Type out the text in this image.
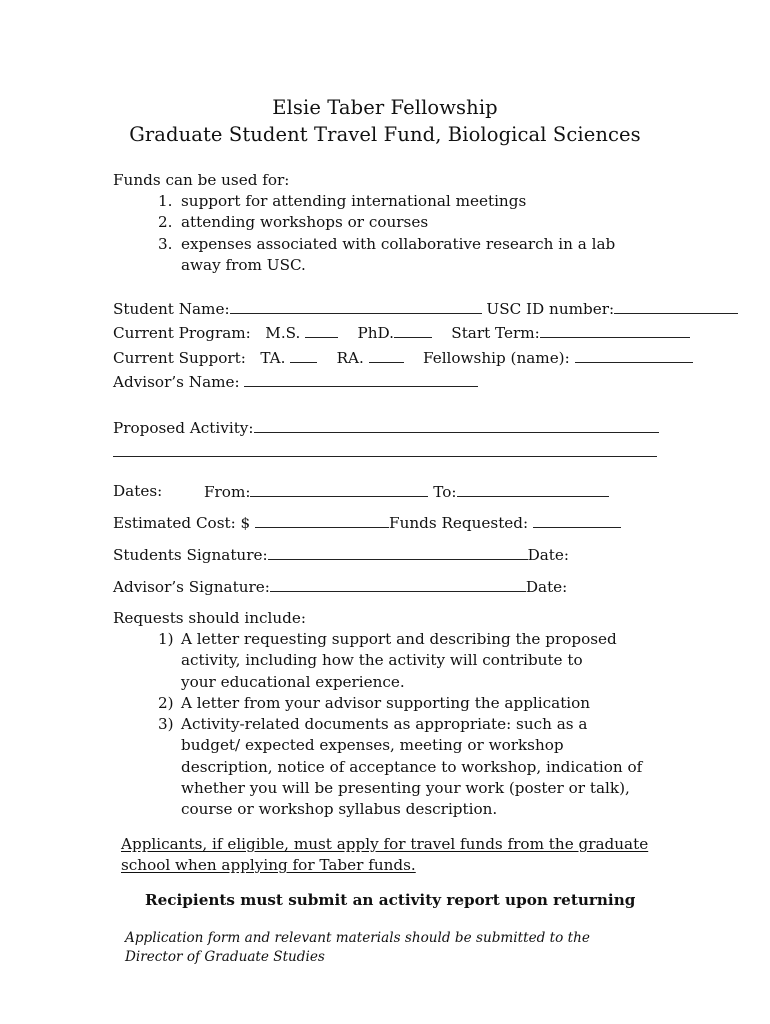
Elsie Taber Fellowship
Graduate Student Travel Fund, Biological Sciences
Funds can be used for:
1. support for attending international meetings
2. attending workshops or courses
3. expenses associated with collaborative research in a lab away from USC.
Student Name:	USC ID number:
Current Program: M.S.	PhD.	Start Term:
Current Support: TA.	RA.	Fellowship (name):
Advisor’s Name:
Proposed Activity:
Dates:	From:	To:
Estimated Cost: $	Funds Requested:
Students Signature:	Date:
Advisor’s Signature:	Date:
Requests should include:
1) A letter requesting support and describing the proposed activity, including how the activity will contribute to your educational experience.
2) A letter from your advisor supporting the application
3) Activity-related documents as appropriate: such as a budget/ expected expenses, meeting or workshop description, notice of acceptance to workshop, indication of whether you will be presenting your work (poster or talk), course or workshop syllabus description.
Applicants, if eligible, must apply for travel funds from the graduate school when applying for Taber funds.
Recipients must submit an activity report upon returning
Application form and relevant materials should be submitted to the Director of Graduate Studies
